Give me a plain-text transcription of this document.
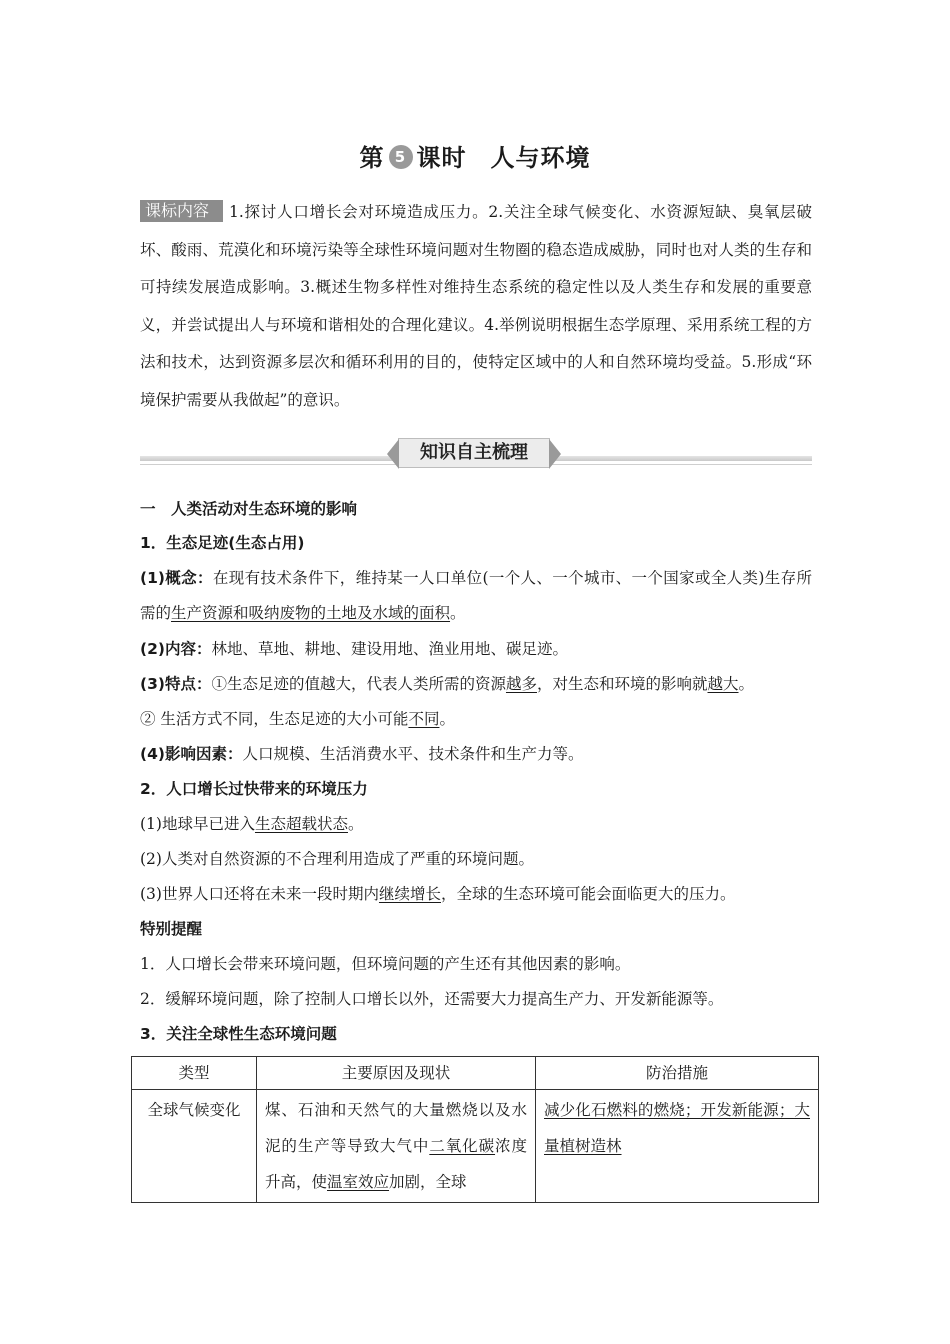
第 5 课时 人与环境
课标内容 1.探讨人口增长会对环境造成压力。2.关注全球气候变化、水资源短缺、臭氧层破坏、酸雨、荒漠化和环境污染等全球性环境问题对生物圈的稳态造成威胁，同时也对人类的生存和可持续发展造成影响。3.概述生物多样性对维持生态系统的稳定性以及人类生存和发展的重要意义，并尝试提出人与环境和谐相处的合理化建议。4.举例说明根据生态学原理、采用系统工程的方法和技术，达到资源多层次和循环利用的目的，使特定区域中的人和自然环境均受益。5.形成“环境保护需要从我做起”的意识。
知识自主梳理
一　人类活动对生态环境的影响
1．生态足迹(生态占用)
(1)概念：在现有技术条件下，维持某一人口单位(一个人、一个城市、一个国家或全人类)生存所需的生产资源和吸纳废物的土地及水域的面积。
(2)内容：林地、草地、耕地、建设用地、渔业用地、碳足迹。
(3)特点：①生态足迹的值越大，代表人类所需的资源越多，对生态和环境的影响就越大。
② 生活方式不同，生态足迹的大小可能不同。
(4)影响因素：人口规模、生活消费水平、技术条件和生产力等。
2．人口增长过快带来的环境压力
(1)地球早已进入生态超载状态。
(2)人类对自然资源的不合理利用造成了严重的环境问题。
(3)世界人口还将在未来一段时期内继续增长，全球的生态环境可能会面临更大的压力。
特别提醒
1．人口增长会带来环境问题，但环境问题的产生还有其他因素的影响。
2．缓解环境问题，除了控制人口增长以外，还需要大力提高生产力、开发新能源等。
3．关注全球性生态环境问题
类型	主要原因及现状	防治措施
全球气候变化	煤、石油和天然气的大量燃烧以及水泥的生产等导致大气中二氧化碳浓度升高，使温室效应加剧，全球	减少化石燃料的燃烧；开发新能源；大量植树造林
